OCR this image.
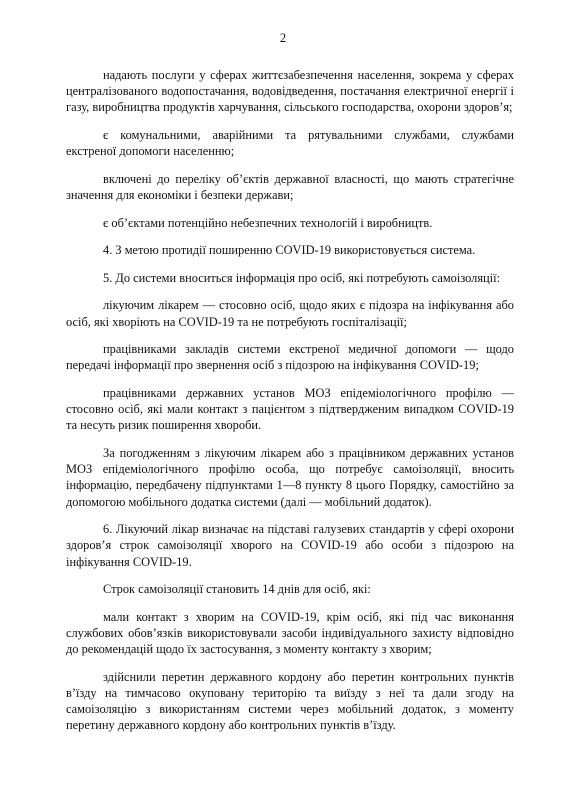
2

надають послуги у сферах життєзабезпечення населення, зокрема у сферах централізованого водопостачання, водовідведення, постачання електричної енергії і газу, виробництва продуктів харчування, сільського господарства, охорони здоров’я;

є комунальними, аварійними та рятувальними службами, службами екстреної допомоги населенню;

включені до переліку об’єктів державної власності, що мають стратегічне значення для економіки і безпеки держави;

є об’єктами потенційно небезпечних технологій і виробництв.

4. З метою протидії поширенню COVID-19 використовується система.

5. До системи вноситься інформація про осіб, які потребують самоізоляції:

лікуючим лікарем — стосовно осіб, щодо яких є підозра на інфікування або осіб, які хворіють на COVID-19 та не потребують госпіталізації;

працівниками закладів системи екстреної медичної допомоги — щодо передачі інформації про звернення осіб з підозрою на інфікування COVID-19;

працівниками державних установ МОЗ епідеміологічного профілю — стосовно осіб, які мали контакт з пацієнтом з підтвердженим випадком COVID-19 та несуть ризик поширення хвороби.

За погодженням з лікуючим лікарем або з працівником державних установ МОЗ епідеміологічного профілю особа, що потребує самоізоляції, вносить інформацію, передбачену підпунктами 1—8 пункту 8 цього Порядку, самостійно за допомогою мобільного додатка системи (далі — мобільний додаток).

6. Лікуючий лікар визначає на підставі галузевих стандартів у сфері охорони здоров’я строк самоізоляції хворого на COVID-19 або особи з підозрою на інфікування COVID-19.

Строк самоізоляції становить 14 днів для осіб, які:

мали контакт з хворим на COVID-19, крім осіб, які під час виконання службових обов’язків використовували засоби індивідуального захисту відповідно до рекомендацій щодо їх застосування, з моменту контакту з хворим;

здійснили перетин державного кордону або перетин контрольних пунктів в’їзду на тимчасово окуповану територію та виїзду з неї та дали згоду на самоізоляцію з використанням системи через мобільний додаток, з моменту перетину державного кордону або контрольних пунктів в’їзду.
